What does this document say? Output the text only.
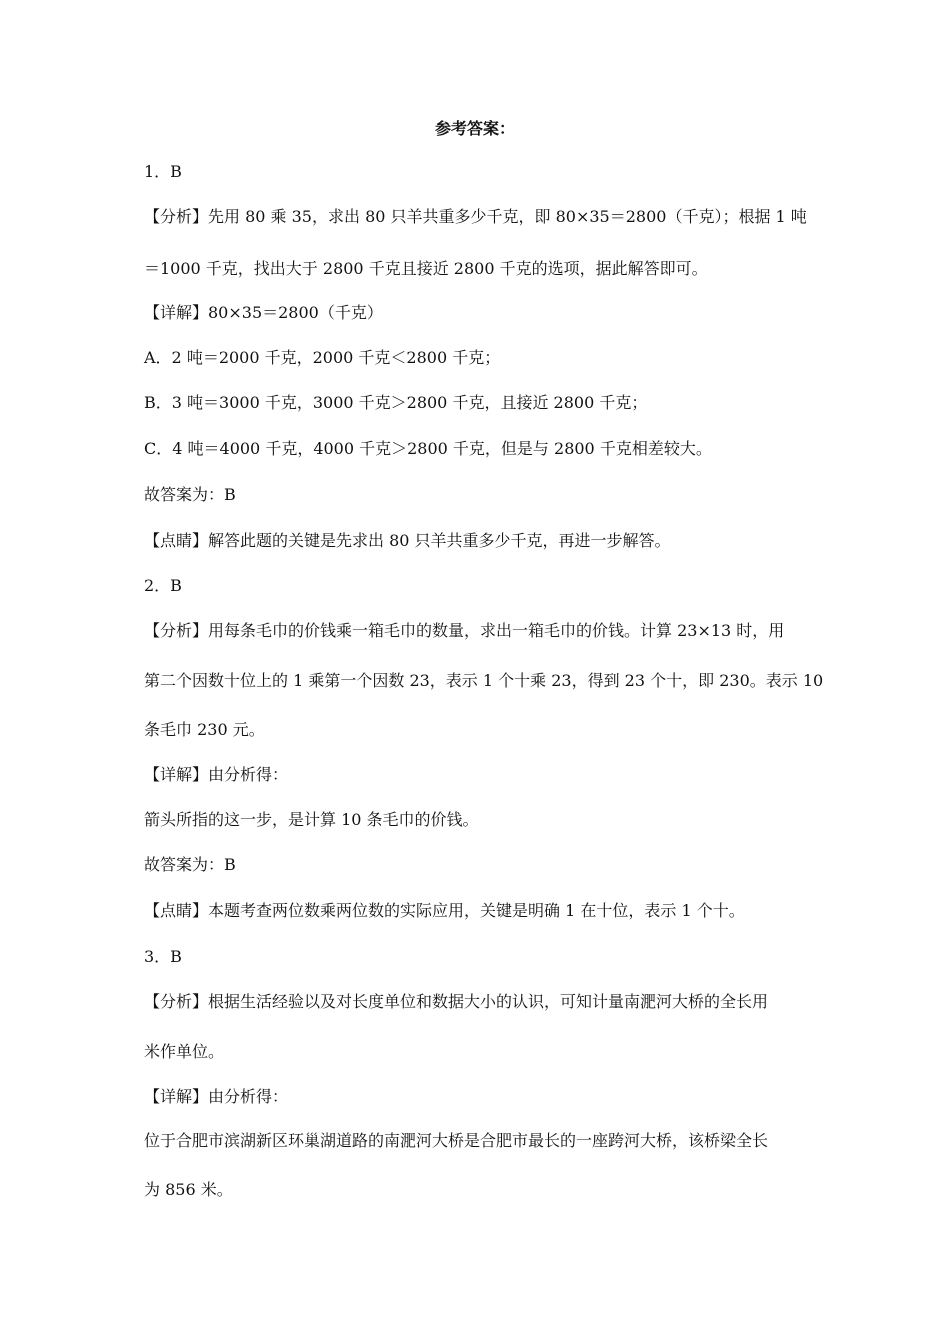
参考答案：
1．B
【分析】先用 80 乘 35，求出 80 只羊共重多少千克，即 80×35＝2800（千克）；根据 1 吨
＝1000 千克，找出大于 2800 千克且接近 2800 千克的选项，据此解答即可。
【详解】80×35＝2800（千克）
A．2 吨＝2000 千克，2000 千克＜2800 千克；
B．3 吨＝3000 千克，3000 千克＞2800 千克，且接近 2800 千克；
C．4 吨＝4000 千克，4000 千克＞2800 千克，但是与 2800 千克相差较大。
故答案为：B
【点睛】解答此题的关键是先求出 80 只羊共重多少千克，再进一步解答。
2．B
【分析】用每条毛巾的价钱乘一箱毛巾的数量，求出一箱毛巾的价钱。计算 23×13 时，用
第二个因数十位上的 1 乘第一个因数 23，表示 1 个十乘 23，得到 23 个十，即 230。表示 10
条毛巾 230 元。
【详解】由分析得：
箭头所指的这一步，是计算 10 条毛巾的价钱。
故答案为：B
【点睛】本题考查两位数乘两位数的实际应用，关键是明确 1 在十位，表示 1 个十。
3．B
【分析】根据生活经验以及对长度单位和数据大小的认识，可知计量南淝河大桥的全长用
米作单位。
【详解】由分析得：
位于合肥市滨湖新区环巢湖道路的南淝河大桥是合肥市最长的一座跨河大桥，该桥梁全长
为 856 米。
